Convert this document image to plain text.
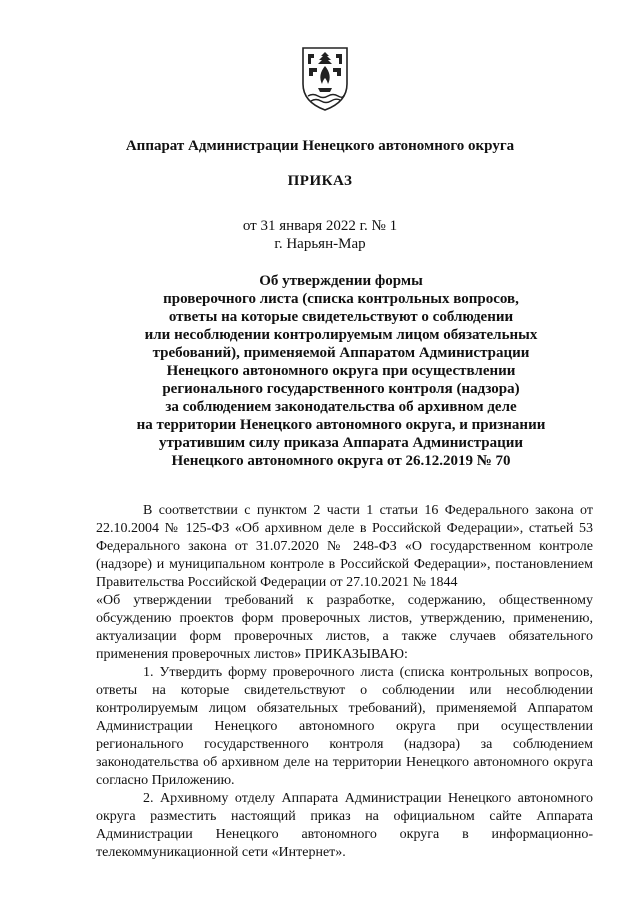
Аппарат Администрации Ненецкого автономного округа
ПРИКАЗ
от 31 января 2022 г. № 1
г. Нарьян-Мар
Об утверждении формы
проверочного листа (списка контрольных вопросов,
ответы на которые свидетельствуют о соблюдении
или несоблюдении контролируемым лицом обязательных
требований), применяемой Аппаратом Администрации
Ненецкого автономного округа при осуществлении
регионального государственного контроля (надзора)
за соблюдением законодательства об архивном деле
на территории Ненецкого автономного округа, и признании
утратившим силу приказа Аппарата Администрации
Ненецкого автономного округа от 26.12.2019 № 70

В соответствии с пунктом 2 части 1 статьи 16 Федерального закона от 22.10.2004 № 125-ФЗ «Об архивном деле в Российской Федерации», статьей 53 Федерального закона от 31.07.2020 № 248-ФЗ «О государственном контроле (надзоре) и муниципальном контроле в Российской Федерации», постановлением Правительства Российской Федерации от 27.10.2021 № 1844

«Об утверждении требований к разработке, содержанию, общественному обсуждению проектов форм проверочных листов, утверждению, применению, актуализации форм проверочных листов, а также случаев обязательного применения проверочных листов» ПРИКАЗЫВАЮ:

1. Утвердить форму проверочного листа (списка контрольных вопросов, ответы на которые свидетельствуют о соблюдении или несоблюдении контролируемым лицом обязательных требований), применяемой Аппаратом Администрации Ненецкого автономного округа при осуществлении регионального государственного контроля (надзора) за соблюдением законодательства об архивном деле на территории Ненецкого автономного округа согласно Приложению.

2. Архивному отделу Аппарата Администрации Ненецкого автономного округа разместить настоящий приказ на официальном сайте Аппарата Администрации Ненецкого автономного округа в информационно-телекоммуникационной сети «Интернет».
